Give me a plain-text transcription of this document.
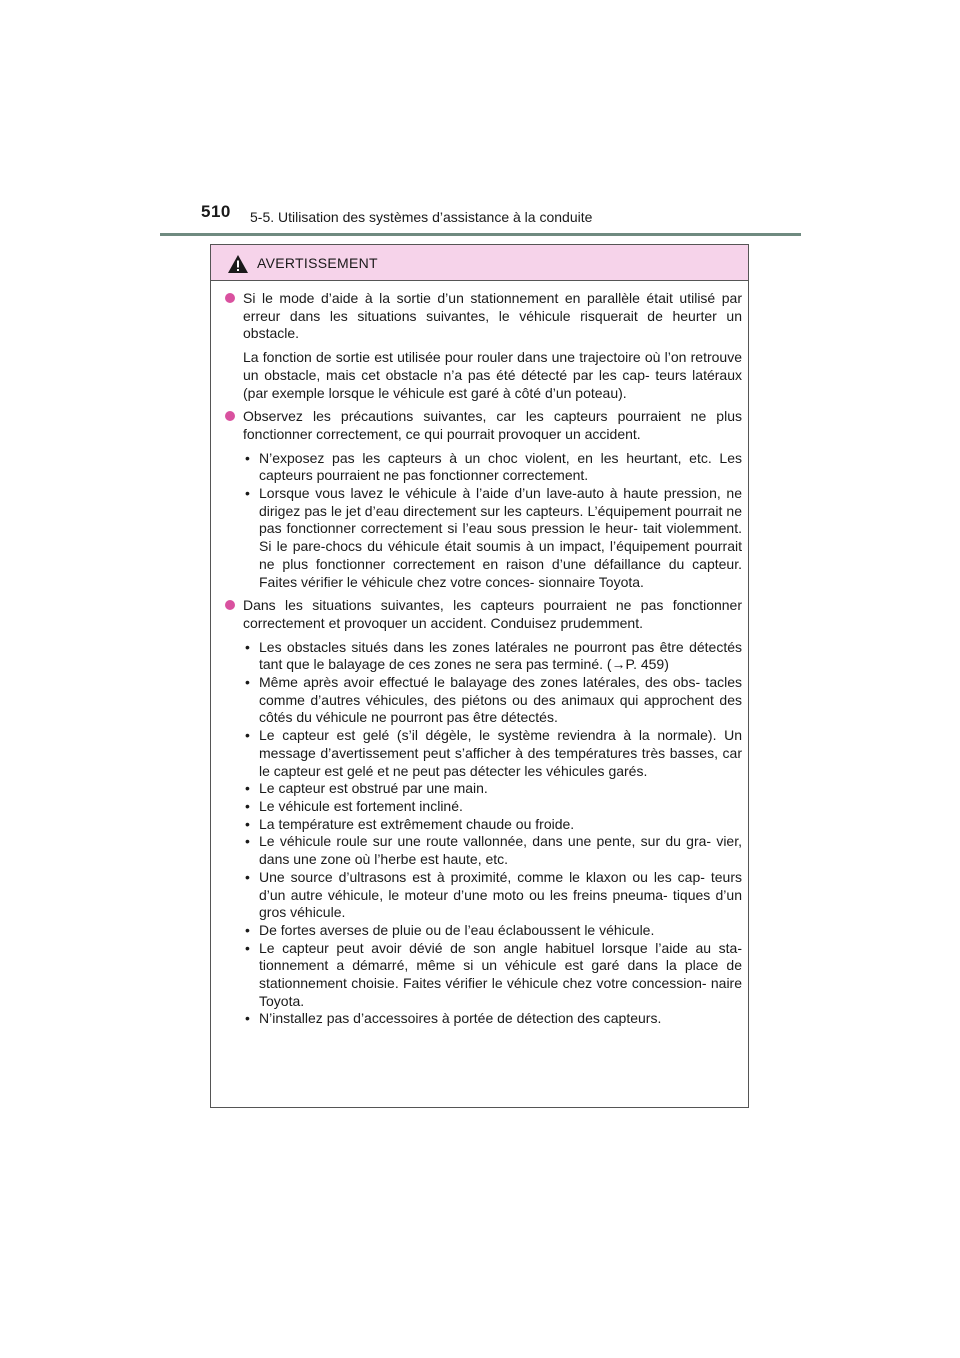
510 5-5. Utilisation des systèmes d’assistance à la conduite
AVERTISSEMENT

Si le mode d’aide à la sortie d’un stationnement en parallèle était utilisé par erreur dans les situations suivantes, le véhicule risquerait de heurter un obstacle.

La fonction de sortie est utilisée pour rouler dans une trajectoire où l’on retrouve un obstacle, mais cet obstacle n’a pas été détecté par les cap- teurs latéraux (par exemple lorsque le véhicule est garé à côté d’un poteau).

Observez les précautions suivantes, car les capteurs pourraient ne plus fonctionner correctement, ce qui pourrait provoquer un accident.

• N’exposez pas les capteurs à un choc violent, en les heurtant, etc. Les capteurs pourraient ne pas fonctionner correctement.
• Lorsque vous lavez le véhicule à l’aide d’un lave-auto à haute pression, ne dirigez pas le jet d’eau directement sur les capteurs. L’équipement pourrait ne pas fonctionner correctement si l’eau sous pression le heur- tait violemment. Si le pare-chocs du véhicule était soumis à un impact, l’équipement pourrait ne plus fonctionner correctement en raison d’une défaillance du capteur. Faites vérifier le véhicule chez votre conces- sionnaire Toyota.

Dans les situations suivantes, les capteurs pourraient ne pas fonctionner correctement et provoquer un accident. Conduisez prudemment.

• Les obstacles situés dans les zones latérales ne pourront pas être détectés tant que le balayage de ces zones ne sera pas terminé. (→P. 459)
• Même après avoir effectué le balayage des zones latérales, des obs- tacles comme d’autres véhicules, des piétons ou des animaux qui approchent des côtés du véhicule ne pourront pas être détectés.
• Le capteur est gelé (s’il dégèle, le système reviendra à la normale). Un message d’avertissement peut s’afficher à des températures très basses, car le capteur est gelé et ne peut pas détecter les véhicules garés.
• Le capteur est obstrué par une main.
• Le véhicule est fortement incliné.
• La température est extrêmement chaude ou froide.
• Le véhicule roule sur une route vallonnée, dans une pente, sur du gra- vier, dans une zone où l’herbe est haute, etc.
• Une source d’ultrasons est à proximité, comme le klaxon ou les cap- teurs d’un autre véhicule, le moteur d’une moto ou les freins pneuma- tiques d’un gros véhicule.
• De fortes averses de pluie ou de l’eau éclaboussent le véhicule.
• Le capteur peut avoir dévié de son angle habituel lorsque l’aide au sta- tionnement a démarré, même si un véhicule est garé dans la place de stationnement choisie. Faites vérifier le véhicule chez votre concession- naire Toyota.
• N’installez pas d’accessoires à portée de détection des capteurs.
